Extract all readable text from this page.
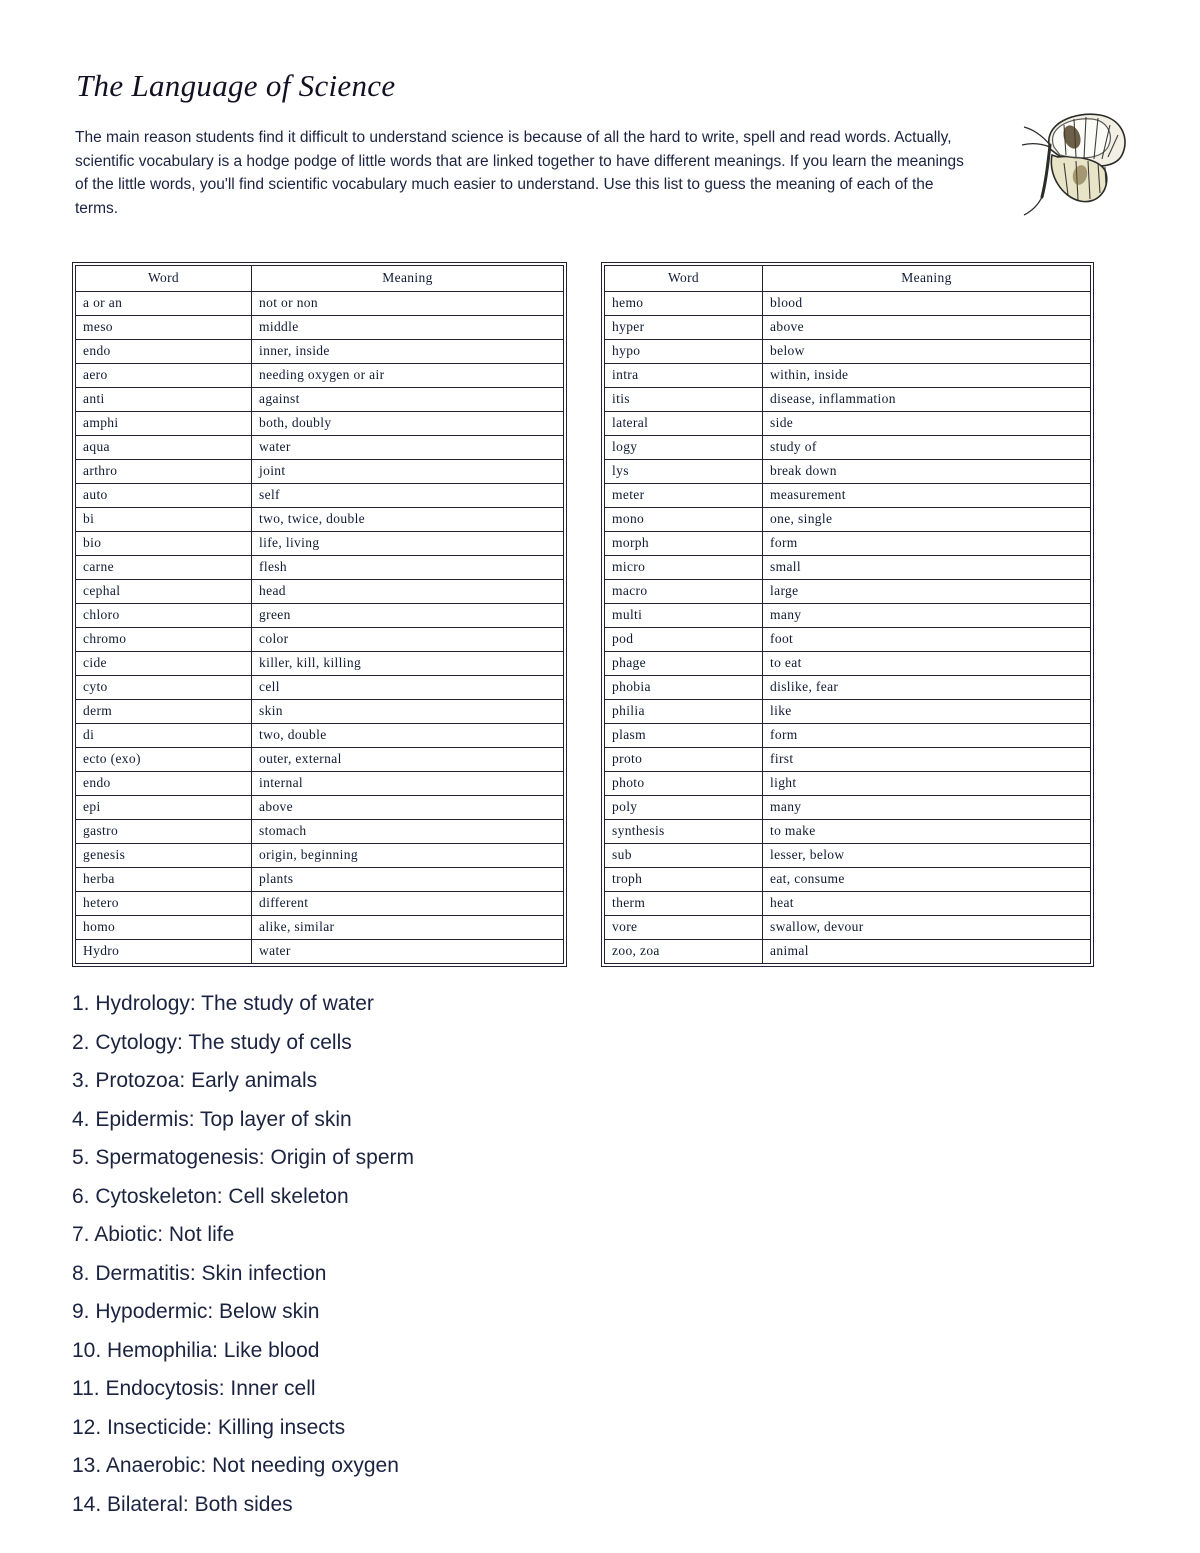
The Language of Science

The main reason students find it difficult to understand science is because of all the hard to write, spell and read words. Actually, scientific vocabulary is a hodge podge of little words that are linked together to have different meanings. If you learn the meanings of the little words, you'll find scientific vocabulary much easier to understand. Use this list to guess the meaning of each of the terms.

Word	Meaning
a or an	not or non
meso	middle
endo	inner, inside
aero	needing oxygen or air
anti	against
amphi	both, doubly
aqua	water
arthro	joint
auto	self
bi	two, twice, double
bio	life, living
carne	flesh
cephal	head
chloro	green
chromo	color
cide	killer, kill, killing
cyto	cell
derm	skin
di	two, double
ecto (exo)	outer, external
endo	internal
epi	above
gastro	stomach
genesis	origin, beginning
herba	plants
hetero	different
homo	alike, similar
Hydro	water
Word	Meaning
hemo	blood
hyper	above
hypo	below
intra	within, inside
itis	disease, inflammation
lateral	side
logy	study of
lys	break down
meter	measurement
mono	one, single
morph	form
micro	small
macro	large
multi	many
pod	foot
phage	to eat
phobia	dislike, fear
philia	like
plasm	form
proto	first
photo	light
poly	many
synthesis	to make
sub	lesser, below
troph	eat, consume
therm	heat
vore	swallow, devour
zoo, zoa	animal
1. Hydrology: The study of water
2. Cytology: The study of cells
3. Protozoa: Early animals
4. Epidermis: Top layer of skin
5. Spermatogenesis: Origin of sperm
6. Cytoskeleton: Cell skeleton
7. Abiotic: Not life
8. Dermatitis: Skin infection
9. Hypodermic: Below skin
10. Hemophilia: Like blood
11. Endocytosis: Inner cell
12. Insecticide: Killing insects
13. Anaerobic: Not needing oxygen
14. Bilateral: Both sides
